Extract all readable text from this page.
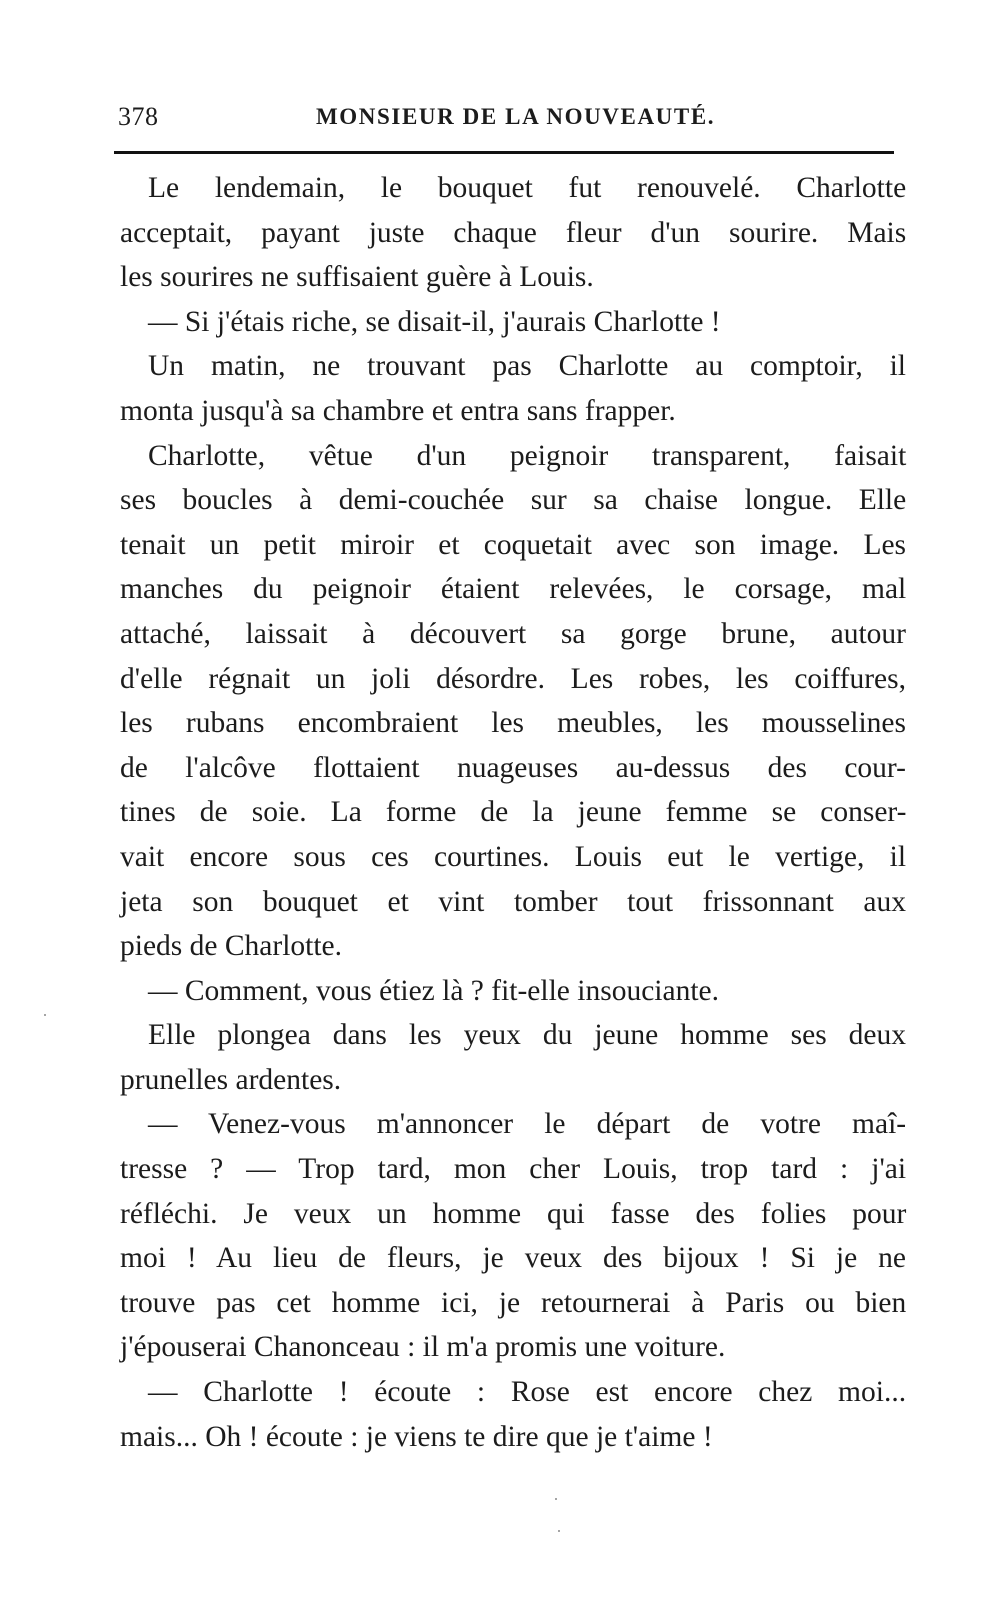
378	MONSIEUR DE LA NOUVEAUTÉ.
Le lendemain, le bouquet fut renouvelé. Charlotte
acceptait, payant juste chaque fleur d'un sourire. Mais
les sourires ne suffisaient guère à Louis.
— Si j'étais riche, se disait-il, j'aurais Charlotte !
Un matin, ne trouvant pas Charlotte au comptoir, il
monta jusqu'à sa chambre et entra sans frapper.
Charlotte, vêtue d'un peignoir transparent, faisait
ses boucles à demi-couchée sur sa chaise longue. Elle
tenait un petit miroir et coquetait avec son image. Les
manches du peignoir étaient relevées, le corsage, mal
attaché, laissait à découvert sa gorge brune, autour
d'elle régnait un joli désordre. Les robes, les coiffures,
les rubans encombraient les meubles, les mousselines
de l'alcôve flottaient nuageuses au-dessus des cour-
tines de soie. La forme de la jeune femme se conser-
vait encore sous ces courtines. Louis eut le vertige, il
jeta son bouquet et vint tomber tout frissonnant aux
pieds de Charlotte.
— Comment, vous étiez là ? fit-elle insouciante.
Elle plongea dans les yeux du jeune homme ses deux
prunelles ardentes.
— Venez-vous m'annoncer le départ de votre maî-
tresse ? — Trop tard, mon cher Louis, trop tard : j'ai
réfléchi. Je veux un homme qui fasse des folies pour
moi ! Au lieu de fleurs, je veux des bijoux ! Si je ne
trouve pas cet homme ici, je retournerai à Paris ou bien
j'épouserai Chanonceau : il m'a promis une voiture.
— Charlotte ! écoute : Rose est encore chez moi...
mais... Oh ! écoute : je viens te dire que je t'aime !
